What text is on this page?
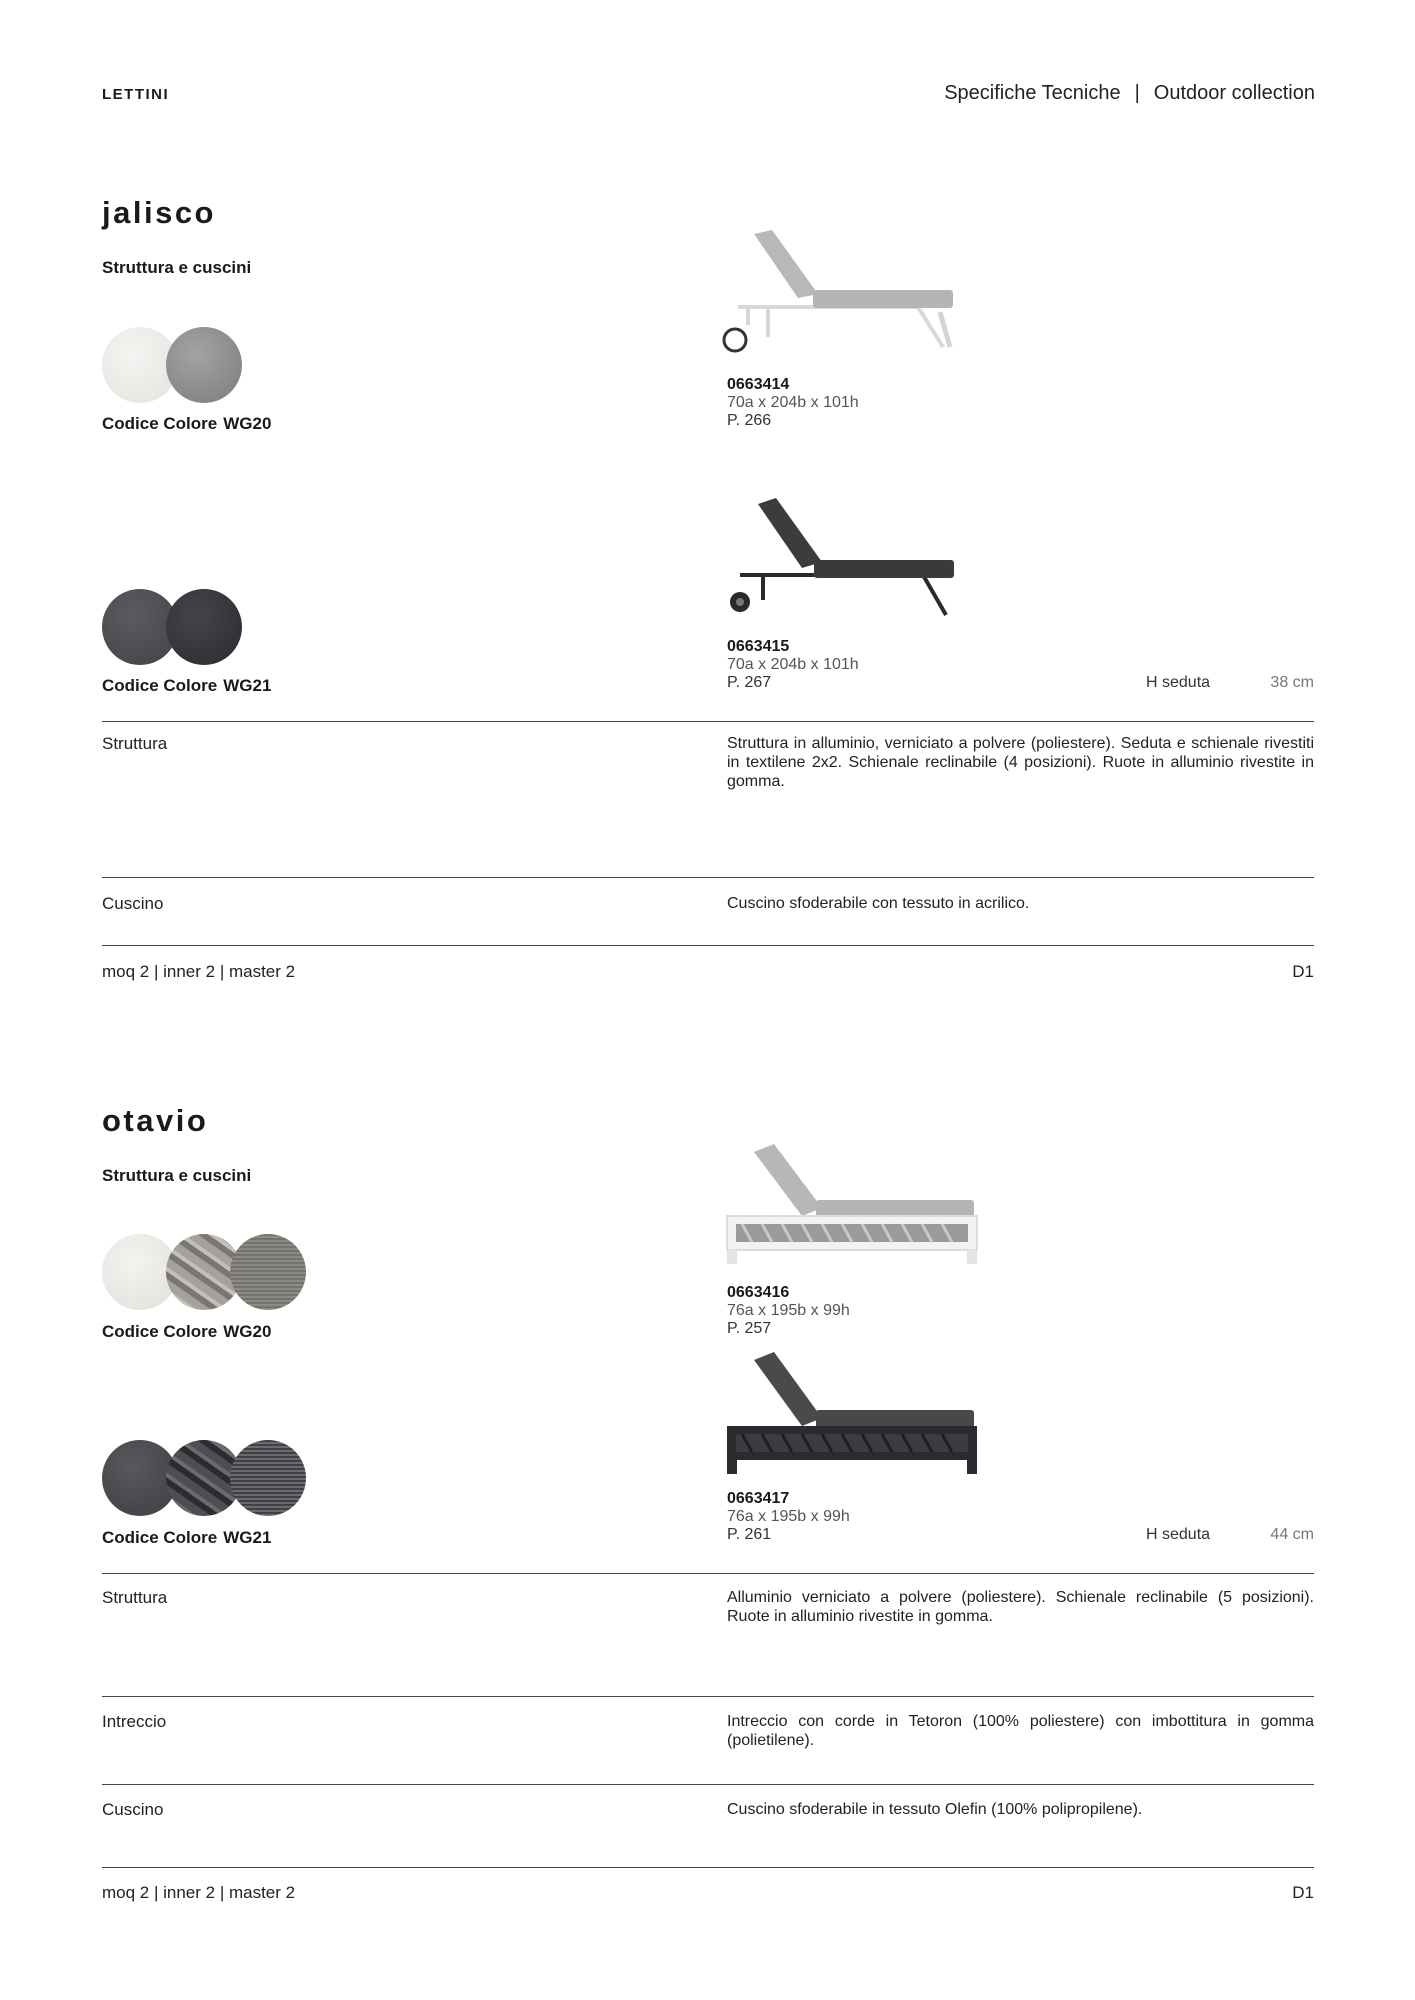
LETTINI	Specifiche Tecniche | Outdoor collection
jalisco
Struttura e cuscini
Codice Colore WG20
Codice Colore WG21
0663414
70a x 204b x 101h
P. 266
0663415
70a x 204b x 101h
P. 267	H seduta	38 cm
Struttura	Struttura in alluminio, verniciato a polvere (poliestere). Seduta e schienale rivestiti in textilene 2x2. Schienale reclinabile (4 posizioni). Ruote in alluminio rivestite in gomma.
Cuscino	Cuscino sfoderabile con tessuto in acrilico.
moq 2 | inner 2 | master 2	D1
otavio
Struttura e cuscini
Codice Colore WG20
Codice Colore WG21
0663416
76a x 195b x 99h
P. 257
0663417
76a x 195b x 99h
P. 261	H seduta	44 cm
Struttura	Alluminio verniciato a polvere (poliestere). Schienale reclinabile (5 posizioni). Ruote in alluminio rivestite in gomma.
Intreccio	Intreccio con corde in Tetoron (100% poliestere) con imbottitura in gomma (polietilene).
Cuscino	Cuscino sfoderabile in tessuto Olefin (100% polipropilene).
moq 2 | inner 2 | master 2	D1
